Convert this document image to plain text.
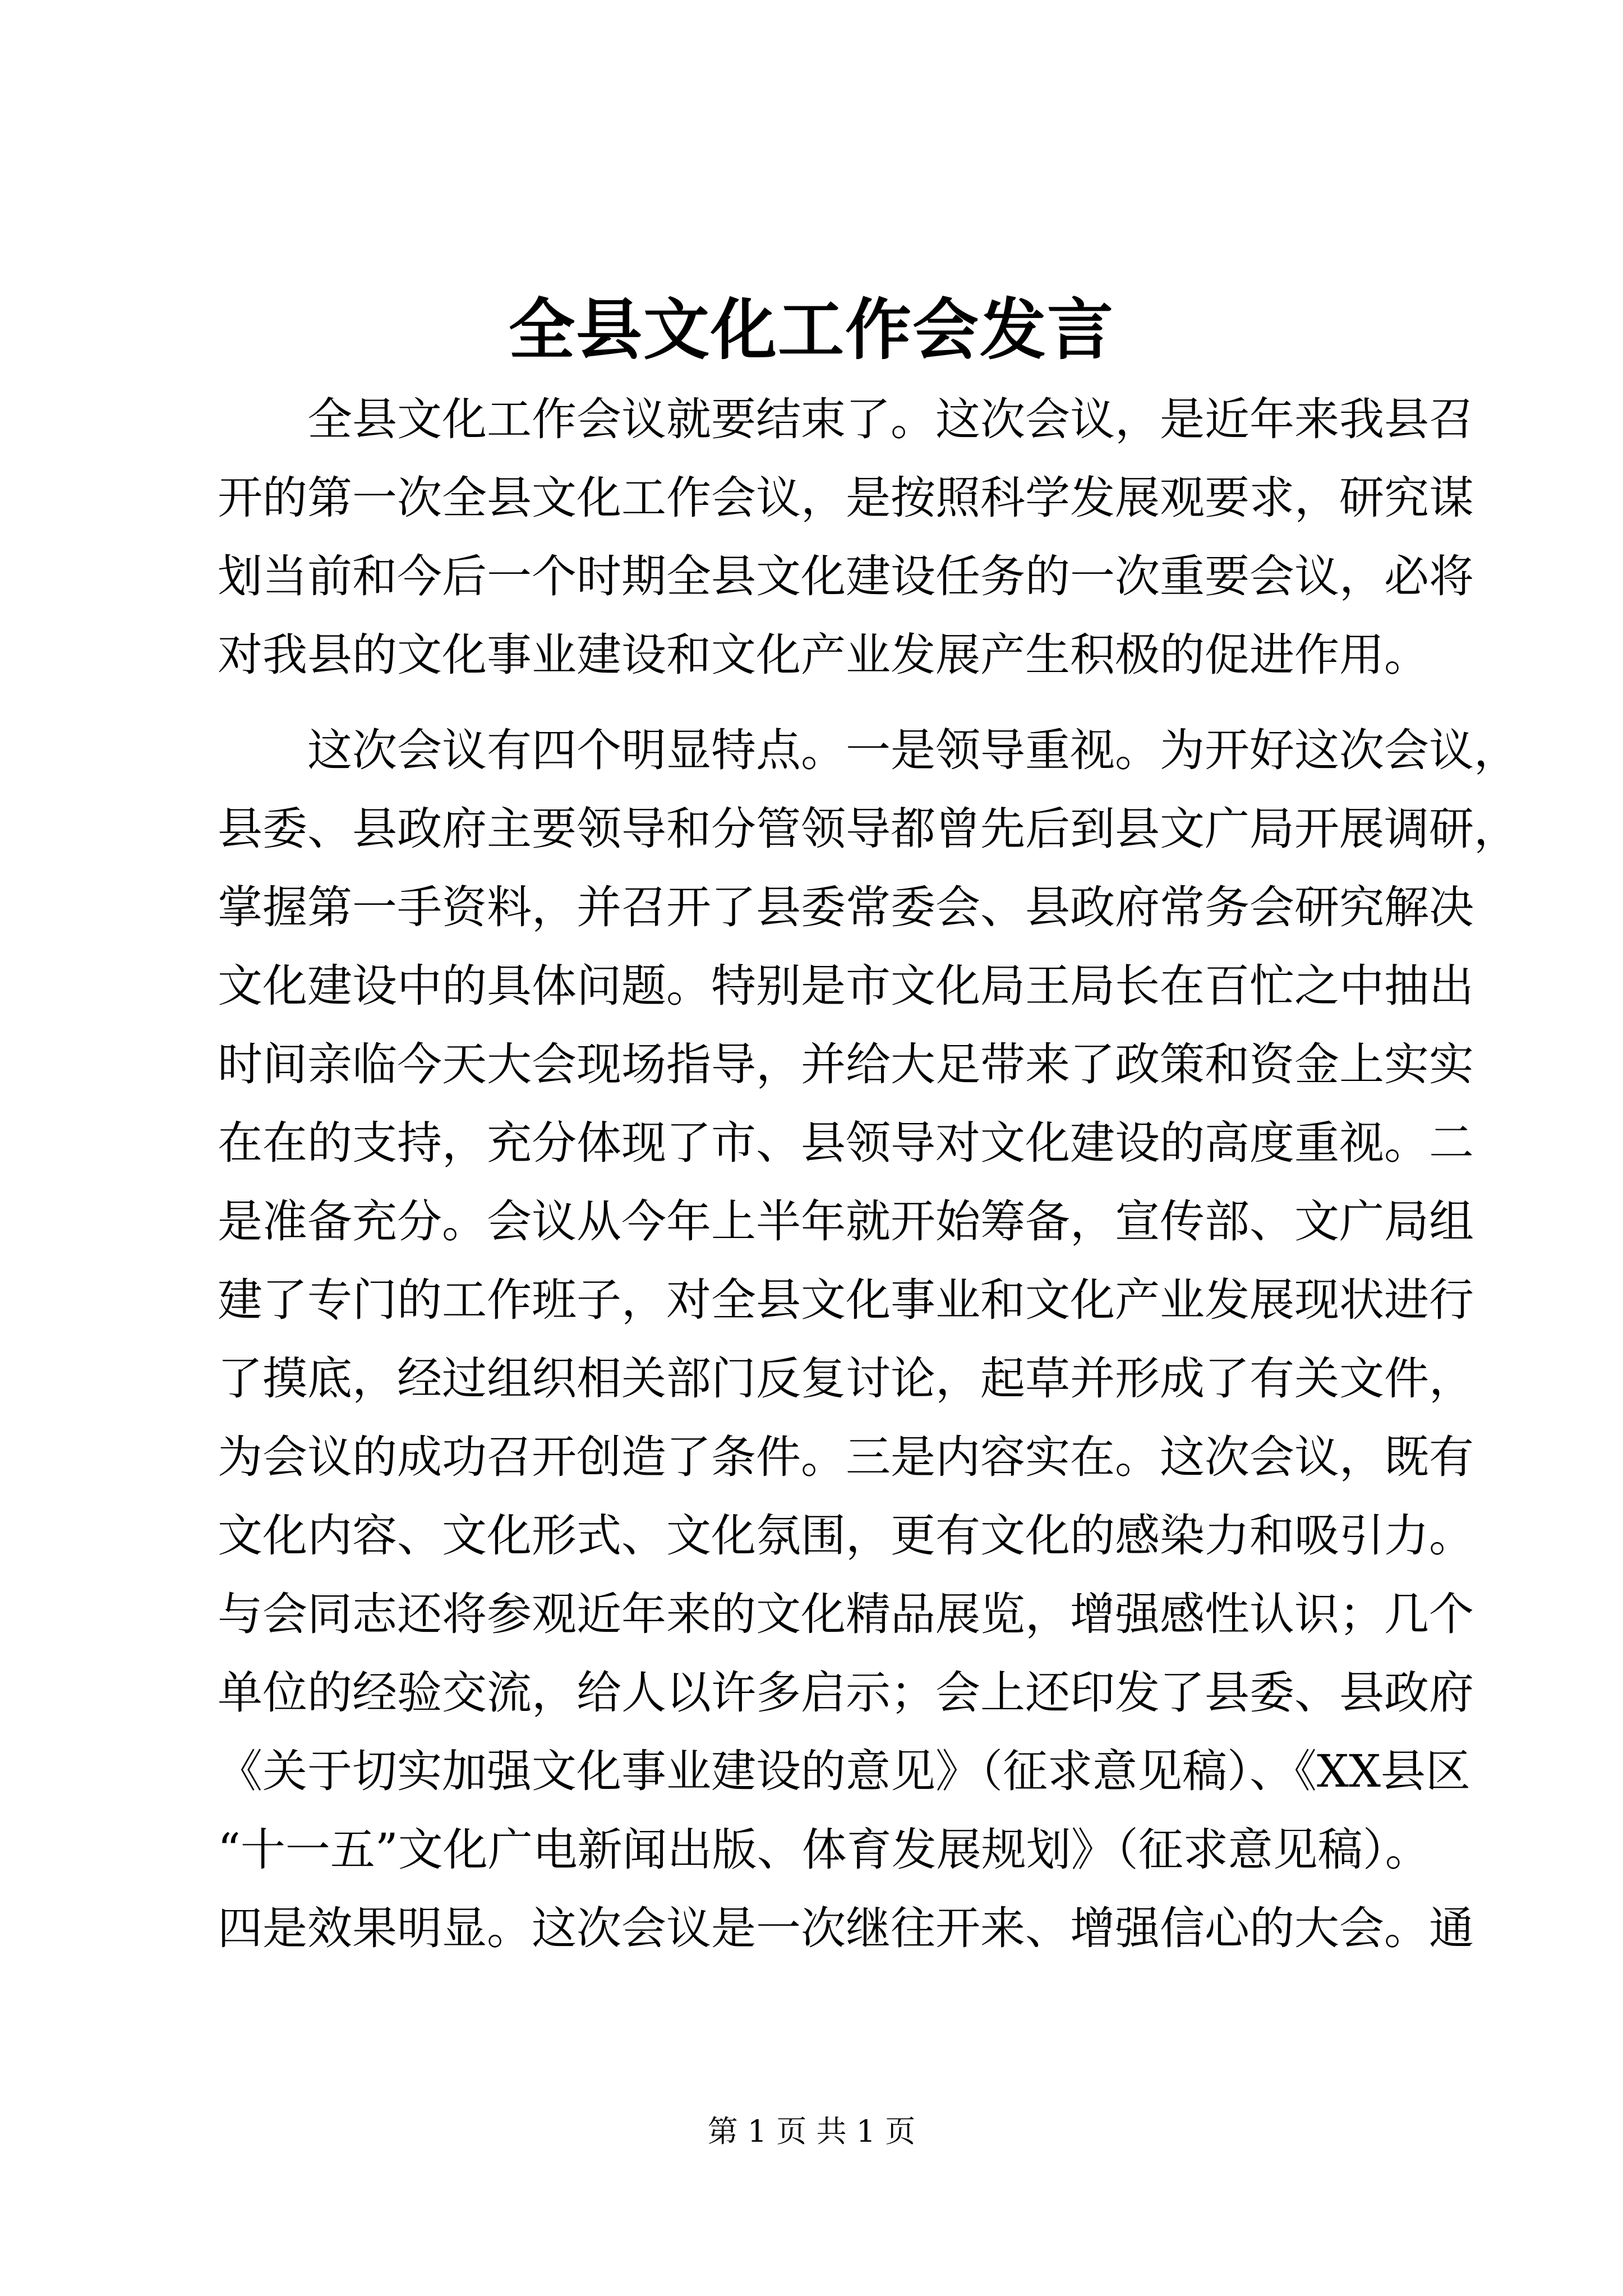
全县文化工作会发言
　　全县文化工作会议就要结束了。这次会议，是近年来我县召
开的第一次全县文化工作会议，是按照科学发展观要求，研究谋
划当前和今后一个时期全县文化建设任务的一次重要会议，必将
对我县的文化事业建设和文化产业发展产生积极的促进作用。
　　这次会议有四个明显特点。一是领导重视。为开好这次会议，
县委、县政府主要领导和分管领导都曾先后到县文广局开展调研，
掌握第一手资料，并召开了县委常委会、县政府常务会研究解决
文化建设中的具体问题。特别是市文化局王局长在百忙之中抽出
时间亲临今天大会现场指导，并给大足带来了政策和资金上实实
在在的支持，充分体现了市、县领导对文化建设的高度重视。二
是准备充分。会议从今年上半年就开始筹备，宣传部、文广局组
建了专门的工作班子，对全县文化事业和文化产业发展现状进行
了摸底，经过组织相关部门反复讨论，起草并形成了有关文件，
为会议的成功召开创造了条件。三是内容实在。这次会议，既有
文化内容、文化形式、文化氛围，更有文化的感染力和吸引力。
与会同志还将参观近年来的文化精品展览，增强感性认识；几个
单位的经验交流，给人以许多启示；会上还印发了县委、县政府
《关于切实加强文化事业建设的意见》（征求意见稿）、《XX县区
“十一五”文化广电新闻出版、体育发展规划》（征求意见稿）。
四是效果明显。这次会议是一次继往开来、增强信心的大会。通
第 1 页 共 1 页
